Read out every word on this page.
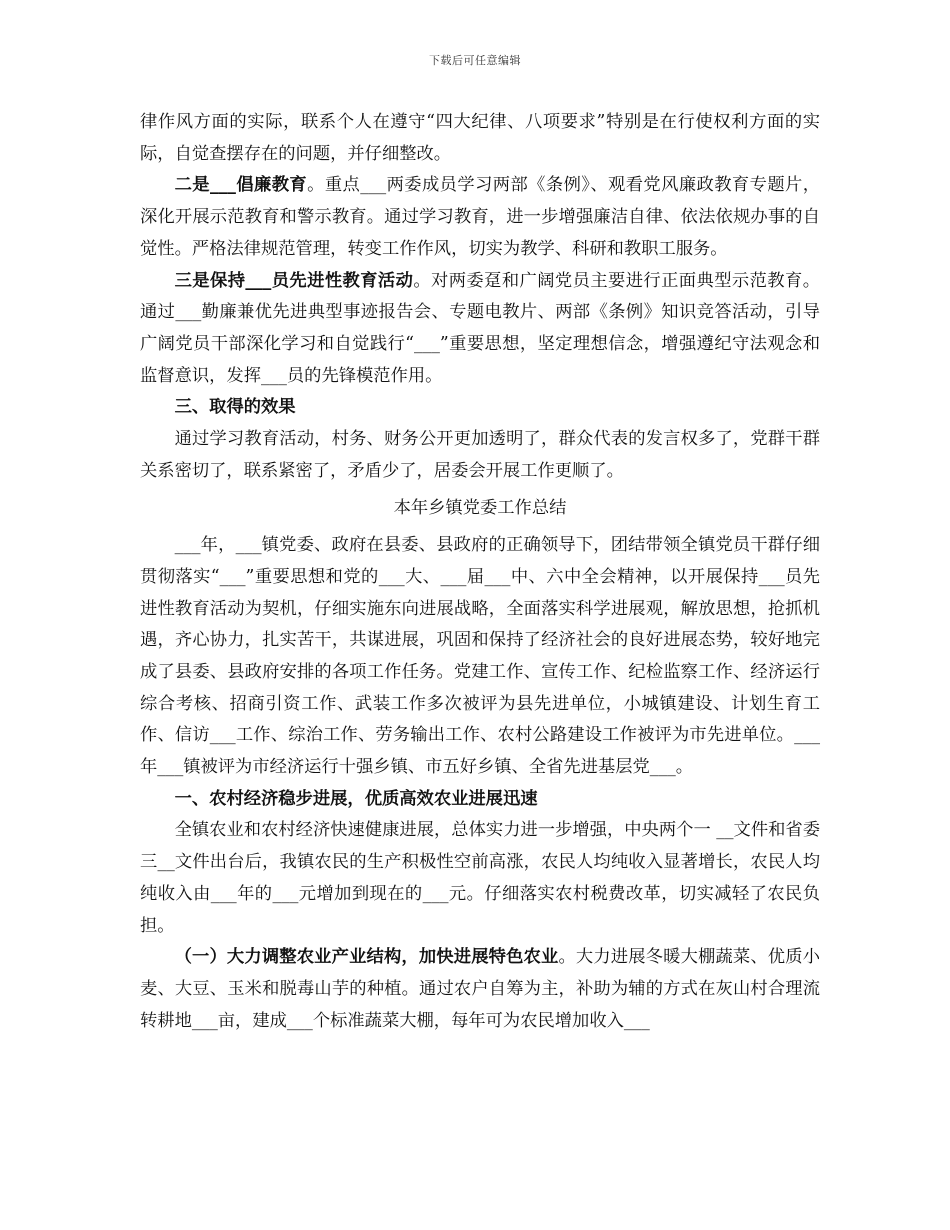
下载后可任意编辑

律作风方面的实际，联系个人在遵守“四大纪律、八项要求”特别是在行使权利方面的实际，自觉查摆存在的问题，并仔细整改。

二是___倡廉教育。重点___两委成员学习两部《条例》、观看党风廉政教育专题片，深化开展示范教育和警示教育。通过学习教育，进一步增强廉洁自律、依法依规办事的自觉性。严格法律规范管理，转变工作作风，切实为教学、科研和教职工服务。

三是保持___员先进性教育活动。对两委趸和广阔党员主要进行正面典型示范教育。通过___勤廉兼优先进典型事迹报告会、专题电教片、两部《条例》知识竞答活动，引导广阔党员干部深化学习和自觉践行“___”重要思想，坚定理想信念，增强遵纪守法观念和监督意识，发挥___员的先锋模范作用。

三、取得的效果

通过学习教育活动，村务、财务公开更加透明了，群众代表的发言权多了，党群干群关系密切了，联系紧密了，矛盾少了，居委会开展工作更顺了。

本年乡镇党委工作总结

___年，___镇党委、政府在县委、县政府的正确领导下，团结带领全镇党员干群仔细贯彻落实“___”重要思想和党的___大、___届___中、六中全会精神，以开展保持___员先进性教育活动为契机，仔细实施东向进展战略，全面落实科学进展观，解放思想，抢抓机遇，齐心协力，扎实苦干，共谋进展，巩固和保持了经济社会的良好进展态势，较好地完成了县委、县政府安排的各项工作任务。党建工作、宣传工作、纪检监察工作、经济运行综合考核、招商引资工作、武装工作多次被评为县先进单位，小城镇建设、计划生育工作、信访___工作、综治工作、劳务输出工作、农村公路建设工作被评为市先进单位。___年___镇被评为市经济运行十强乡镇、市五好乡镇、全省先进基层党___。

一、农村经济稳步进展，优质高效农业进展迅速

全镇农业和农村经济快速健康进展，总体实力进一步增强，中央两个一 __文件和省委三__文件出台后，我镇农民的生产积极性空前高涨，农民人均纯收入显著增长，农民人均纯收入由___年的___元增加到现在的___元。仔细落实农村税费改革，切实减轻了农民负担。

（一）大力调整农业产业结构，加快进展特色农业。大力进展冬暖大棚蔬菜、优质小麦、大豆、玉米和脱毒山芋的种植。通过农户自筹为主，补助为辅的方式在灰山村合理流转耕地___亩，建成___个标准蔬菜大棚，每年可为农民增加收入___
